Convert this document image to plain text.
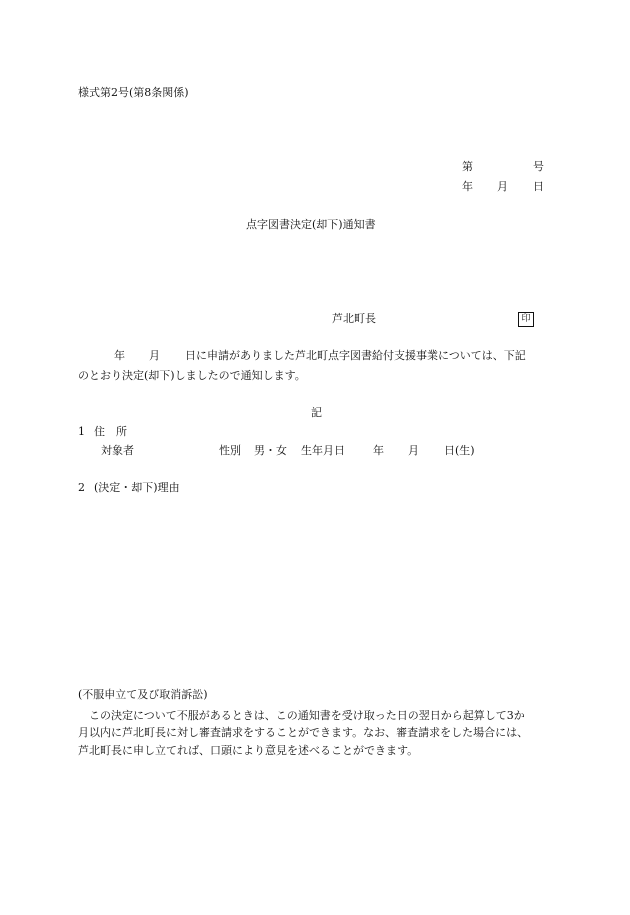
様式第2号(第8条関係)
第	号
年 月 日
点字図書決定(却下)通知書
芦北町長	印
年 月 日に申請がありました芦北町点字図書給付支援事業については、下記
のとおり決定(却下)しましたので通知します。
記
1 住　所
対象者	性別 男・女 生年月日	年 月 日(生)
2 (決定・却下)理由
(不服申立て及び取消訴訟)
この決定について不服があるときは、この通知書を受け取った日の翌日から起算して3か
月以内に芦北町長に対し審査請求をすることができます。なお、審査請求をした場合には、
芦北町長に申し立てれば、口頭により意見を述べることができます。
